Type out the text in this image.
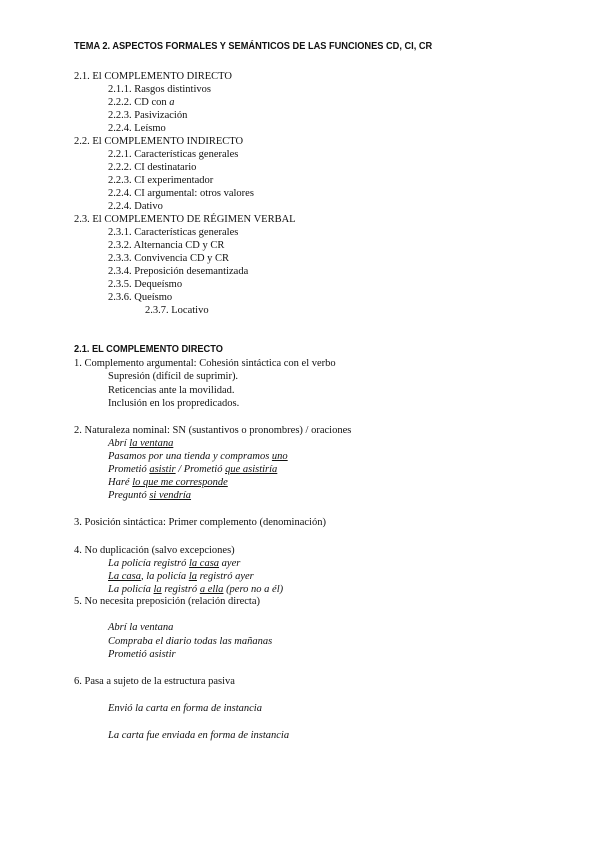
TEMA 2. ASPECTOS FORMALES Y SEMÁNTICOS DE LAS FUNCIONES CD, CI, CR
2.1. El COMPLEMENTO DIRECTO
2.1.1. Rasgos distintivos
2.2.2. CD con a
2.2.3. Pasivización
2.2.4. Leísmo
2.2. El COMPLEMENTO INDIRECTO
2.2.1. Características generales
2.2.2. CI destinatario
2.2.3. CI experimentador
2.2.4. CI argumental: otros valores
2.2.4. Dativo
2.3. El COMPLEMENTO DE RÉGIMEN VERBAL
2.3.1. Características generales
2.3.2. Alternancia CD y CR
2.3.3. Convivencia CD y CR
2.3.4. Preposición desemantizada
2.3.5. Dequeísmo
2.3.6. Queísmo
2.3.7. Locativo
2.1. EL COMPLEMENTO DIRECTO
1. Complemento argumental: Cohesión sintáctica con el verbo
Supresión (difícil de suprimir).
Reticencias ante la movilidad.
Inclusión en los propredicados.
2. Naturaleza nominal: SN (sustantivos o pronombres) / oraciones
Abrí la ventana
Pasamos por una tienda y compramos uno
Prometió asistir / Prometió que asistiría
Haré lo que me corresponde
Preguntó si vendría
3. Posición sintáctica: Primer complemento (denominación)
4. No duplicación (salvo excepciones)
La policía registró la casa ayer
La casa, la policía la registró ayer
La policía la registró a ella (pero no a él)
5. No necesita preposición (relación directa)
Abrí la ventana
Compraba el diario todas las mañanas
Prometió asistir
6. Pasa a sujeto de la estructura pasiva
Envió la carta en forma de instancia
La carta fue enviada en forma de instancia
